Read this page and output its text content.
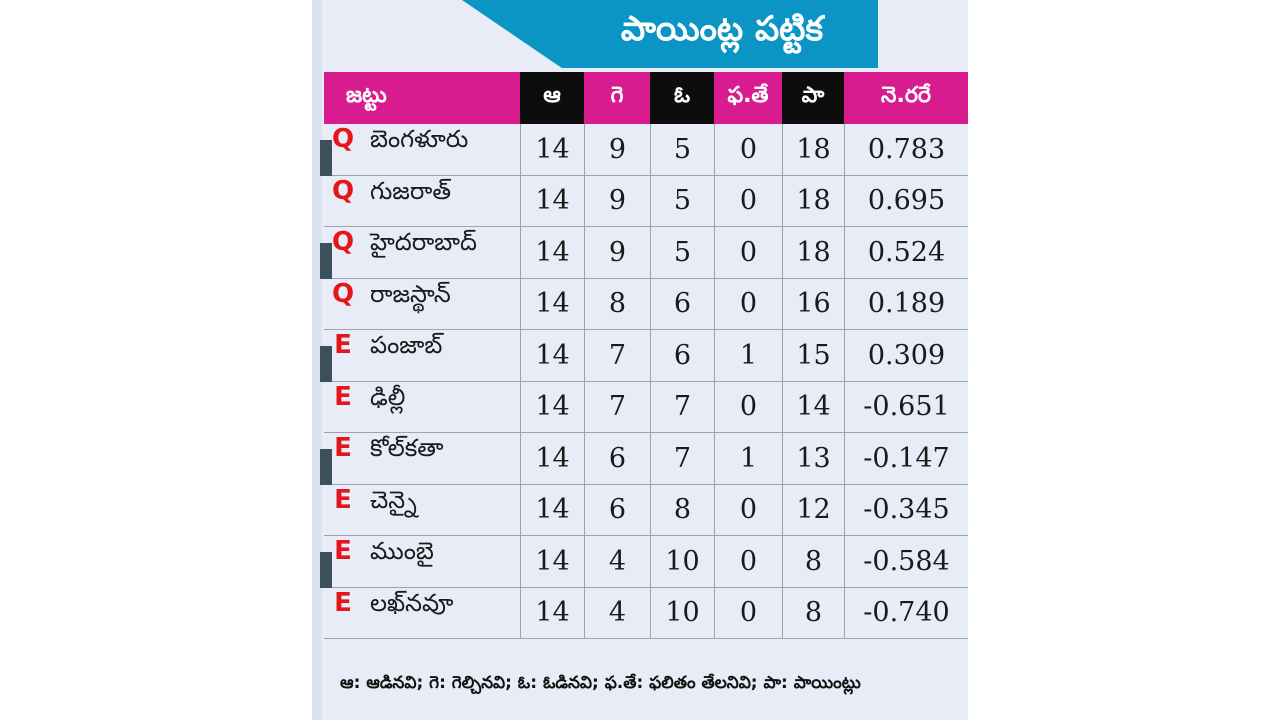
పాయింట్ల పట్టిక
జట్టు	ఆ	గె	ఓ	ఫ.తే	పా	నె.రరే
Q బెంగళూరు	14	9	5	0	18	0.783
Q గుజరాత్	14	9	5	0	18	0.695
Q హైదరాబాద్	14	9	5	0	18	0.524
Q రాజస్థాన్	14	8	6	0	16	0.189
E పంజాబ్	14	7	6	1	15	0.309
E ఢిల్లీ	14	7	7	0	14	-0.651
E కోల్‌కతా	14	6	7	1	13	-0.147
E చెన్నై	14	6	8	0	12	-0.345
E ముంబై	14	4	10	0	8	-0.584
E లఖ్‌నవూ	14	4	10	0	8	-0.740
ఆ: ఆడినవి; గె: గెల్చినవి; ఓ: ఓడినవి; ఫ.తే: ఫలితం తేలనివి; పా: పాయింట్లు
